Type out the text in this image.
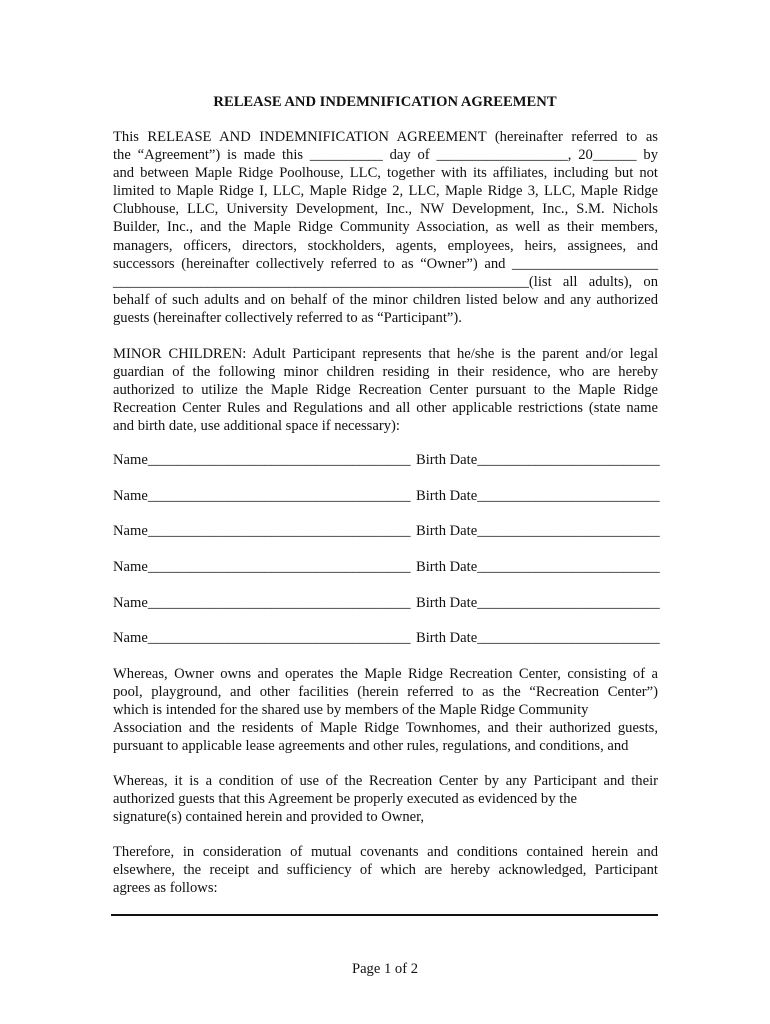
RELEASE AND INDEMNIFICATION AGREEMENT
This RELEASE AND INDEMNIFICATION AGREEMENT (hereinafter referred to as
the “Agreement”) is made this __________ day of __________________, 20______ by
and between Maple Ridge Poolhouse, LLC, together with its affiliates, including but not
limited to Maple Ridge I, LLC, Maple Ridge 2, LLC, Maple Ridge 3, LLC, Maple Ridge
Clubhouse, LLC, University Development, Inc., NW Development, Inc., S.M. Nichols
Builder, Inc., and the Maple Ridge Community Association, as well as their members,
managers, officers, directors, stockholders, agents, employees, heirs, assignees, and
successors (hereinafter collectively referred to as “Owner”) and ____________________
_________________________________________________________(list all adults), on
behalf of such adults and on behalf of the minor children listed below and any authorized
guests (hereinafter collectively referred to as “Participant”).
MINOR CHILDREN: Adult Participant represents that he/she is the parent and/or legal
guardian of the following minor children residing in their residence, who are hereby
authorized to utilize the Maple Ridge Recreation Center pursuant to the Maple Ridge
Recreation Center Rules and Regulations and all other applicable restrictions (state name
and birth date, use additional space if necessary):

Name____________________________________

Birth Date_________________________

Name____________________________________

Birth Date_________________________

Name____________________________________

Birth Date_________________________

Name____________________________________

Birth Date_________________________

Name____________________________________

Birth Date_________________________

Name____________________________________

Birth Date_________________________

Whereas, Owner owns and operates the Maple Ridge Recreation Center, consisting of a
pool, playground, and other facilities (herein referred to as the “Recreation Center”)
which is intended for the shared use by members of the Maple Ridge Community
Association and the residents of Maple Ridge Townhomes, and their authorized guests,
pursuant to applicable lease agreements and other rules, regulations, and conditions, and
Whereas, it is a condition of use of the Recreation Center by any Participant and their
authorized guests that this Agreement be properly executed as evidenced by the
signature(s) contained herein and provided to Owner,
Therefore, in consideration of mutual covenants and conditions contained herein and
elsewhere, the receipt and sufficiency of which are hereby acknowledged, Participant
agrees as follows:
Page 1 of 2
